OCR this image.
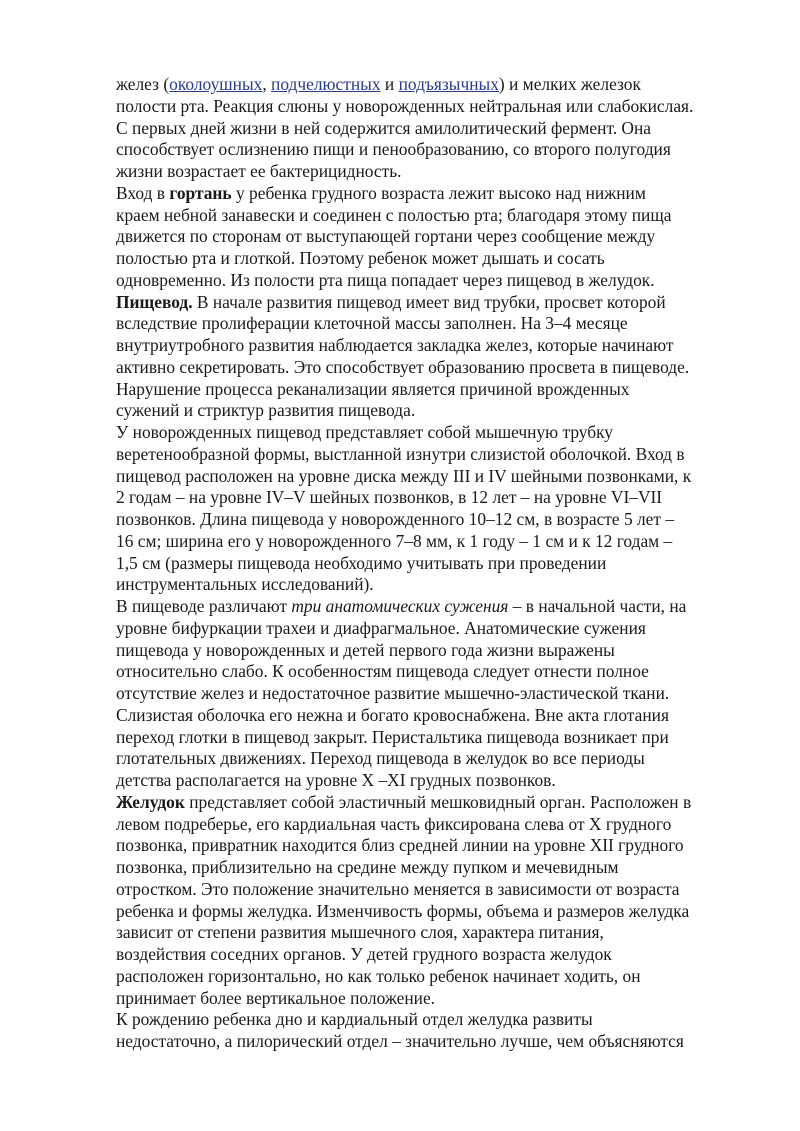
желез (околоушных, подчелюстных и подъязычных) и мелких железок
полости рта. Реакция слюны у новорожденных нейтральная или слабокислая.
С первых дней жизни в ней содержится амилолитический фермент. Она
способствует ослизнению пищи и пенообразованию, со второго полугодия
жизни возрастает ее бактерицидность.
Вход в гортань у ребенка грудного возраста лежит высоко над нижним
краем небной занавески и соединен с полостью рта; благодаря этому пища
движется по сторонам от выступающей гортани через сообщение между
полостью рта и глоткой. Поэтому ребенок может дышать и сосать
одновременно. Из полости рта пища попадает через пищевод в желудок.
Пищевод. В начале развития пищевод имеет вид трубки, просвет которой
вследствие пролиферации клеточной массы заполнен. На 3–4 месяце
внутриутробного развития наблюдается закладка желез, которые начинают
активно секретировать. Это способствует образованию просвета в пищеводе.
Нарушение процесса реканализации является причиной врожденных
сужений и стриктур развития пищевода.
У новорожденных пищевод представляет собой мышечную трубку
веретенообразной формы, выстланной изнутри слизистой оболочкой. Вход в
пищевод расположен на уровне диска между III и IV шейными позвонками, к
2 годам – на уровне IV–V шейных позвонков, в 12 лет – на уровне VI–VII
позвонков. Длина пищевода у новорожденного 10–12 см, в возрасте 5 лет –
16 см; ширина его у новорожденного 7–8 мм, к 1 году – 1 см и к 12 годам –
1,5 см (размеры пищевода необходимо учитывать при проведении
инструментальных исследований).
В пищеводе различают три анатомических сужения – в начальной части, на
уровне бифуркации трахеи и диафрагмальное. Анатомические сужения
пищевода у новорожденных и детей первого года жизни выражены
относительно слабо. К особенностям пищевода следует отнести полное
отсутствие желез и недостаточное развитие мышечно-эластической ткани.
Слизистая оболочка его нежна и богато кровоснабжена. Вне акта глотания
переход глотки в пищевод закрыт. Перистальтика пищевода возникает при
глотательных движениях. Переход пищевода в желудок во все периоды
детства располагается на уровне X –XI грудных позвонков.
Желудок представляет собой эластичный мешковидный орган. Расположен в
левом подреберье, его кардиальная часть фиксирована слева от X грудного
позвонка, привратник находится близ средней линии на уровне XII грудного
позвонка, приблизительно на средине между пупком и мечевидным
отростком. Это положение значительно меняется в зависимости от возраста
ребенка и формы желудка. Изменчивость формы, объема и размеров желудка
зависит от степени развития мышечного слоя, характера питания,
воздействия соседних органов. У детей грудного возраста желудок
расположен горизонтально, но как только ребенок начинает ходить, он
принимает более вертикальное положение.
К рождению ребенка дно и кардиальный отдел желудка развиты
недостаточно, а пилорический отдел – значительно лучше, чем объясняются
